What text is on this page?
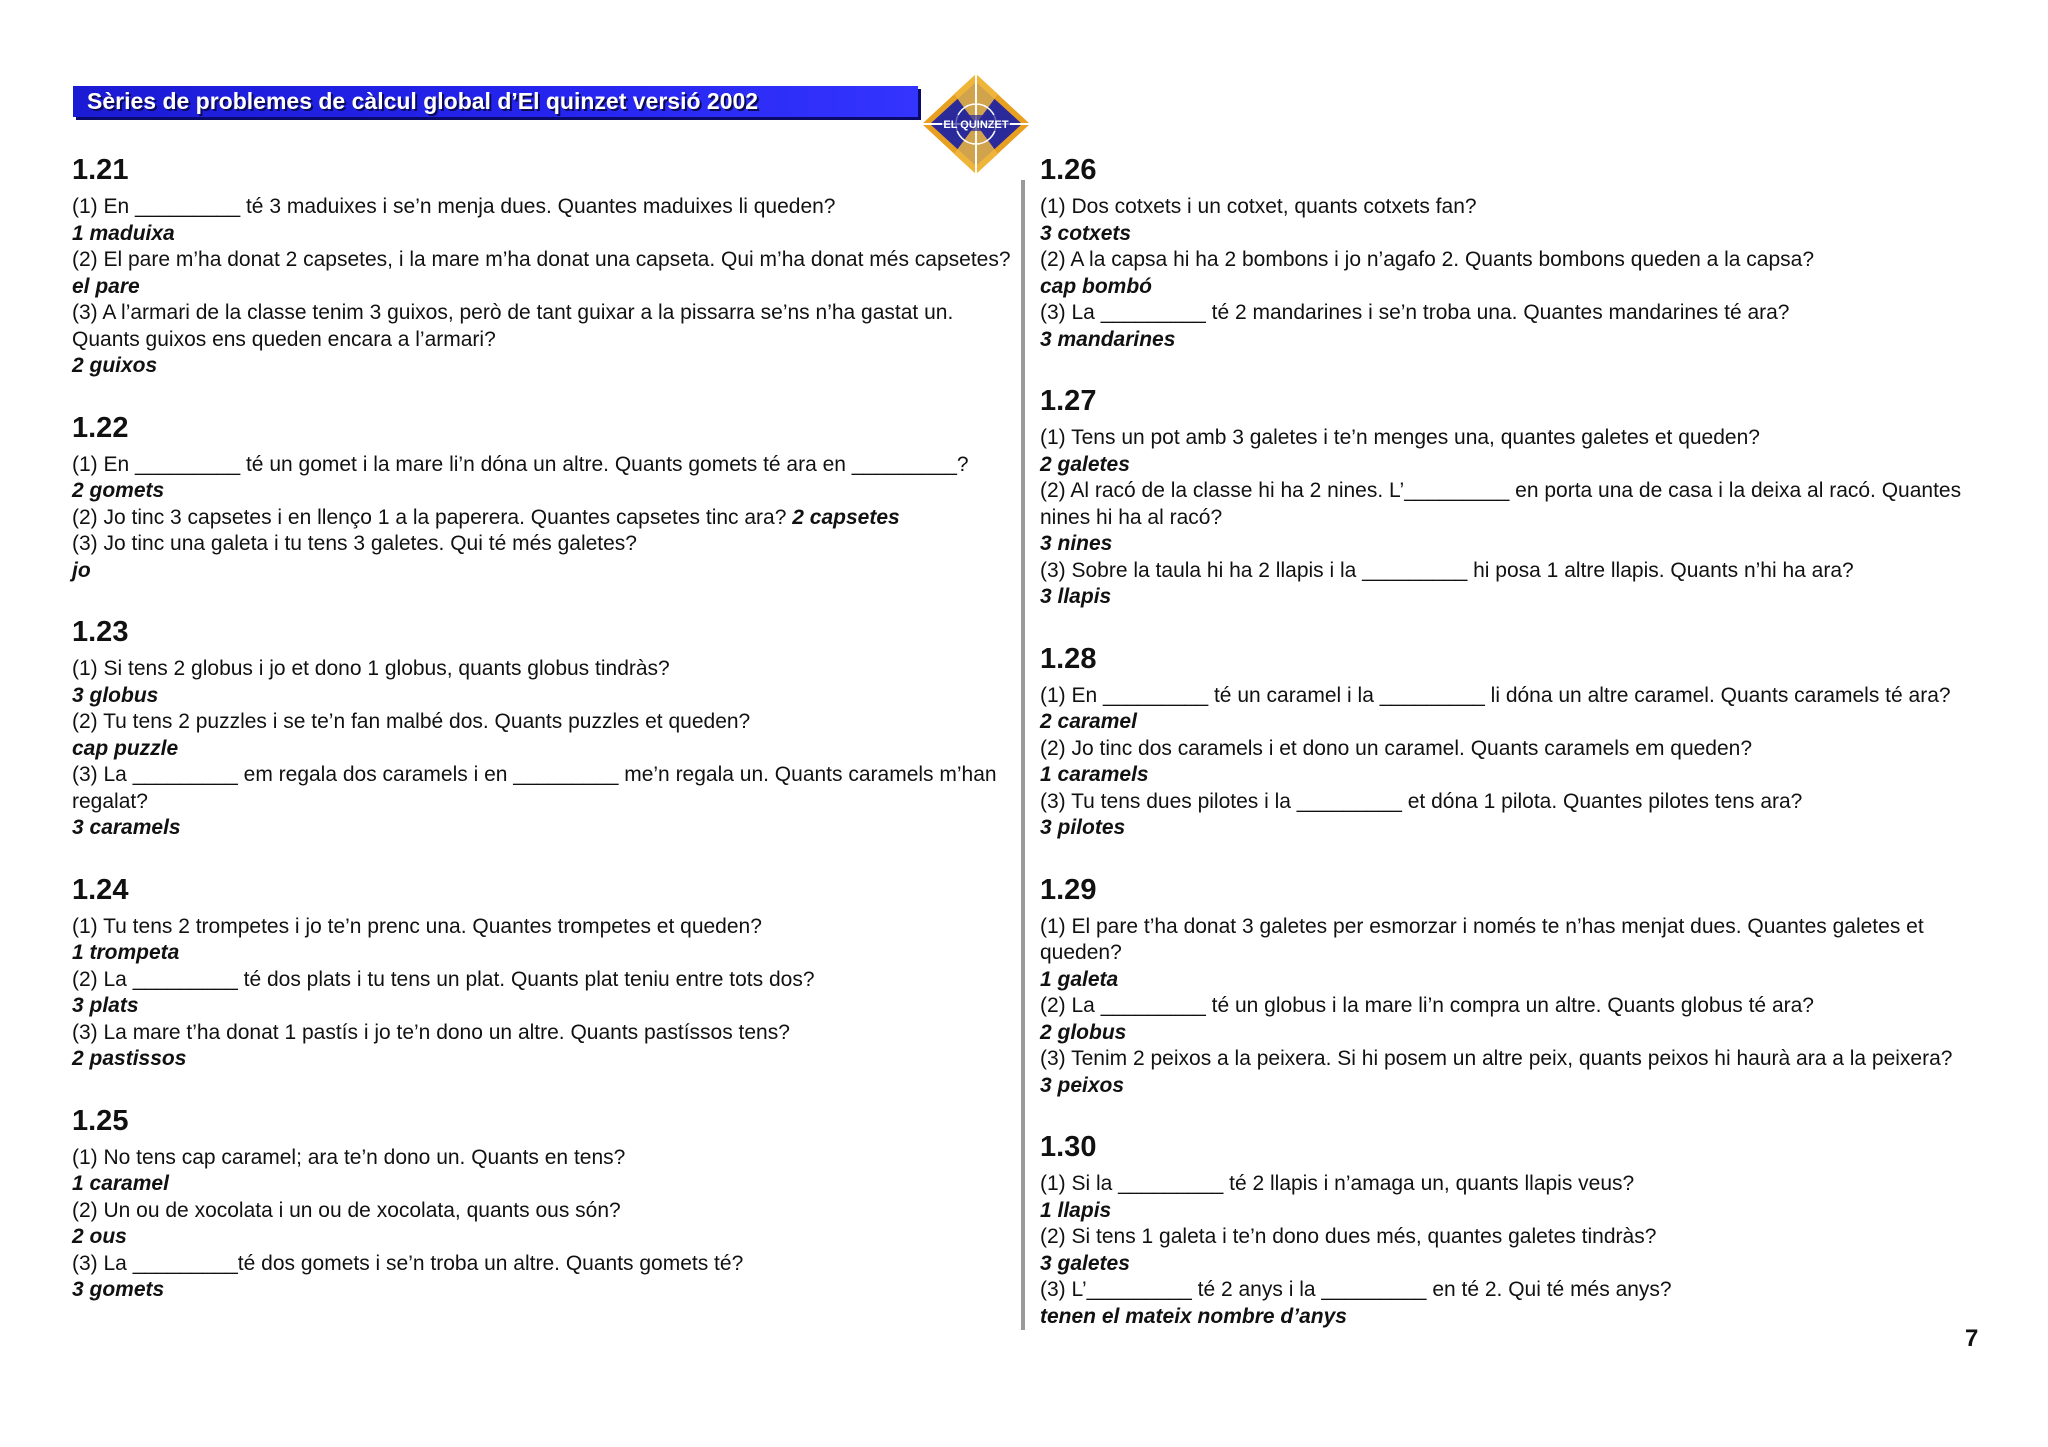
Sèries de problemes de càlcul global d’El quinzet versió 2002
EL QUINZET
1.21

(1) En _________ té 3 maduixes i se’n menja dues. Quantes maduixes li queden?

1 maduixa

(2) El pare m’ha donat 2 capsetes, i la mare m’ha donat una capseta. Qui m’ha donat més capsetes?

el pare

(3) A l’armari de la classe tenim 3 guixos, però de tant guixar a la pissarra se’ns n’ha gastat un. Quants guixos ens queden encara a l’armari?

2 guixos

1.22

(1) En _________ té un gomet i la mare li’n dóna un altre. Quants gomets té ara en _________?

2 gomets

(2) Jo tinc 3 capsetes i en llenço 1 a la paperera. Quantes capsetes tinc ara? 2 capsetes

(3) Jo tinc una galeta i tu tens 3 galetes. Qui té més galetes?

jo

1.23

(1) Si tens 2 globus i jo et dono 1 globus, quants globus tindràs?

3 globus

(2) Tu tens 2 puzzles i se te’n fan malbé dos. Quants puzzles et queden?

cap puzzle

(3) La _________ em regala dos caramels i en _________ me’n regala un. Quants caramels m’han regalat?

3 caramels

1.24

(1) Tu tens 2 trompetes i jo te’n prenc una. Quantes trompetes et queden?

1 trompeta

(2) La _________ té dos plats i tu tens un plat. Quants plat teniu entre tots dos?

3 plats

(3) La mare t’ha donat 1 pastís i jo te’n dono un altre. Quants pastíssos tens?

2 pastissos

1.25

(1) No tens cap caramel; ara te’n dono un. Quants en tens?

1 caramel

(2) Un ou de xocolata i un ou de xocolata, quants ous són?

2 ous

(3) La _________té dos gomets i se’n troba un altre. Quants gomets té?

3 gomets

1.26

(1) Dos cotxets i un cotxet, quants cotxets fan?

3 cotxets

(2) A la capsa hi ha 2 bombons i jo n’agafo 2. Quants bombons queden a la capsa?

cap bombó

(3) La _________ té 2 mandarines i se’n troba una. Quantes mandarines té ara?

3 mandarines

1.27

(1) Tens un pot amb 3 galetes i te’n menges una, quantes galetes et queden?

2 galetes

(2) Al racó de la classe hi ha 2 nines. L’_________ en porta una de casa i la deixa al racó. Quantes nines hi ha al racó?

3 nines

(3) Sobre la taula hi ha 2 llapis i la _________ hi posa 1 altre llapis. Quants n’hi ha ara?

3 llapis

1.28

(1) En _________ té un caramel i la _________ li dóna un altre caramel. Quants caramels té ara?

2 caramel

(2) Jo tinc dos caramels i et dono un caramel. Quants caramels em queden?

1 caramels

(3) Tu tens dues pilotes i la _________ et dóna 1 pilota. Quantes pilotes tens ara?

3 pilotes

1.29

(1) El pare t’ha donat 3 galetes per esmorzar i només te n’has menjat dues. Quantes galetes et queden?

1 galeta

(2) La _________ té un globus i la mare li’n compra un altre. Quants globus té ara?

2 globus

(3) Tenim 2 peixos a la peixera. Si hi posem un altre peix, quants peixos hi haurà ara a la peixera?

3 peixos

1.30

(1) Si la _________ té 2 llapis i n’amaga un, quants llapis veus?

1 llapis

(2) Si tens 1 galeta i te’n dono dues més, quantes galetes tindràs?

3 galetes

(3) L’_________ té 2 anys i la _________ en té 2. Qui té més anys?

tenen el mateix nombre d’anys

7
